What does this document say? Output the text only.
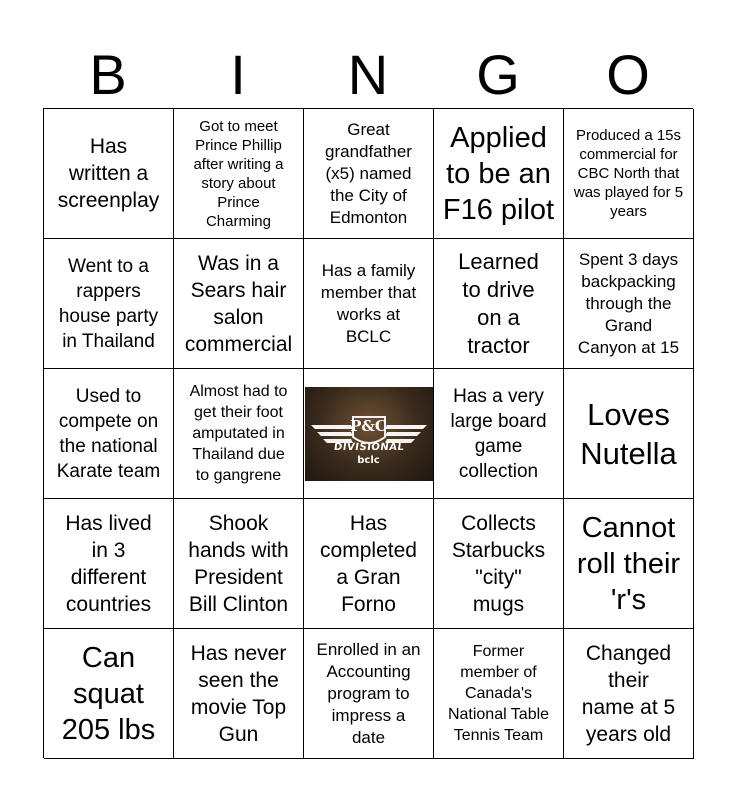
B	I	N	G	O
Has
written a
screenplay
Got to meet
Prince Phillip
after writing a
story about
Prince
Charming
Great
grandfather
(x5) named
the City of
Edmonton
Applied
to be an
F16 pilot
Produced a 15s
commercial for
CBC North that
was played for 5
years
Went to a
rappers
house party
in Thailand
Was in a
Sears hair
salon
commercial
Has a family
member that
works at
BCLC
Learned
to drive
on a
tractor
Spent 3 days
backpacking
through the
Grand
Canyon at 15
Used to
compete on
the national
Karate team
Almost had to
get their foot
amputated in
Thailand due
to gangrene
P&C
DIVISIONAL
bclc
Has a very
large board
game
collection
Loves
Nutella
Has lived
in 3
different
countries
Shook
hands with
President
Bill Clinton
Has
completed
a Gran
Forno
Collects
Starbucks
"city"
mugs
Cannot
roll their
'r's
Can
squat
205 lbs
Has never
seen the
movie Top
Gun
Enrolled in an
Accounting
program to
impress a
date
Former
member of
Canada's
National Table
Tennis Team
Changed
their
name at 5
years old
